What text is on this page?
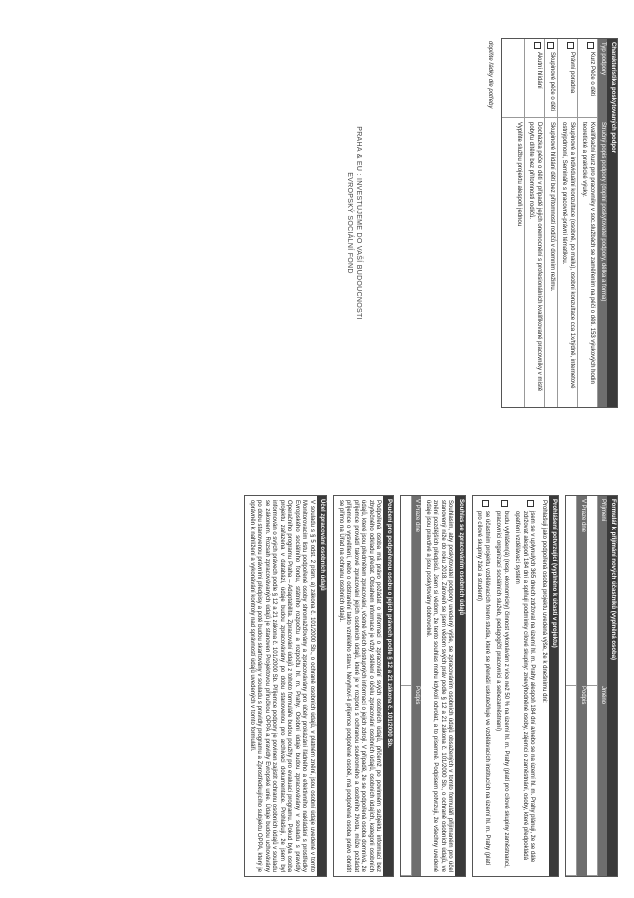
Charakteristika poskytovaných podpor
Typ podpory
Stručný popis podpory (doplní poskytovatel podpory, délka a forma)
Kurz Péče o děti
Kvalifikační kurz pro pracovníky v soc.službách se zaměřením na péči o děti. 153 výukových hodin teoretické a praktické výuky.
Právní poradna
Skupinové a individuální konzultace (osobně, po mailu), osobní konzultace cca 1x/týdně, internetové ostnýpdmoní, Semináře s pracovně-právní tématikou.
Skupinové péče o děti
Skupinové hlídání dětí bez přítomnosti rodičů v domním režimu.
Akutní hlídání
Docházka péče o děti v případě jejich onemocnění s profesionálních kvalifikované pracovníky v místě pobytu dítěte bez přítomnosti rodičů.
Vyplňte službu projektu alespoň jednou
doplňte řádky dle potřeby
PRAHA & EU : INVESTUJEME DO VAŠÍ BUDOUCNOSTI
EVROPSKÝ SOCIÁLNÍ FOND
Formulář k přijímání nových účastníků (vyplněná osoba)
Příjmení
Jméno
V Praze dne
Podpis
Prohlášení potvrzující (vyplněno k účasti v projektu)
Prohlašuji jako podpořená osoba projektu uvedená výše, že k dnešnímu dni:
jsem se v uplynulých 365 dnech zdržoval na území hl. m. Prahy alespoň 184 dní a/nebo se na území hl. m. Prahy plánuji, že se dále zdržovat alespoň 184 dní a splňuji podmínky cílové skupiny: znevýhodněné osoby, zájemci o zaměstnání, osoby, které předpokládá opatření vzdělávací systém
budu vyhlášen(á) (resp. ekonomicky) činnost vykonávám z více než 50 % na území hl. m. Prahy (platí pro cílové skupiny zaměstnanci, pracovníci organizací sociálních služeb, pedagogičtí pracovníci a sebezaměstnaní)
se účastním projektu vzdělávacích forem studia, které se přenáší uskutečňuje ve vzdělávacích institucích na území hl. m. Prahy (platí pro cílové skupiny žáci a studenti)
Souhlas se zpracováním osobních údajů
Souhlasím, aby poskytovatel podpory uvedený výše, se zpracováním osobních údajů obsažených v tomto formuláři přijímaném pro účel stanovený níže do roku 2018. Zároveň se jsem vědom svých práv podle § 12 a 21 zákona č. 101/2000 Sb., o ochraně osobních údajů, ve znění pozdějších předpisů. Jsem si vědom, že tento souhlas mohu kdykoli odvolat, a to písemně. Podpisem potvrzuji, že všechny uvedené údaje jsou pravdivé a jsou poskytovány dobrovolně.
V Praze dne
Podpis
Poučení pro podpořenou osobu o jejích právech podle § 12 a 21 zákona č. 101/2000 Sb.
Podpořená osoba má právo požádat o informaci o zpracování svých osobních údajů, přičemž po povinném subjektu informaci bez zbytečného odkladu předat. Obsahem informace je vždy sdělení o účelu zpracování osobních údajů, osobních údajích, kategorii osobních údajů, které jsou předmětem zpracování, včetně všech dostupných informací o jejich zdroji. V případě, že se podpořená osoba domnívá, že příjemce provádí takové zpracování jejích osobních údajů, které je v rozporu s ochranou soukromého a osobního života, může požádat příjemce o vysvětlení, nebo o odstranění takto vzniklého stavu. Nevyhoví-li příjemce podpořené osobě, má podpořená osoba právo obrátit se přímo na Úřad na ochranu osobních údajů.
Účel zpracování osobních údajů
V souladu s § 5 odst. 2 písm. a) zákona č. 101/2000 Sb., o ochraně osobních údajů, v platném znění, jsou osobní údaje uvedené v tomto Monitorovacím listu podpořené osoby shromažďovány a zpracovávány pro účely prokázání řádného a efektivního nakládání s prostředky Evropského sociálního fondu, státního rozpočtu a rozpočtu hl. m. Prahy. Osobní údaje budou zpracovávány v souladu s pravidly Operačního programu Praha – Adaptabilita. Zpracování údajů z tohoto formuláře budou použity pro evaluaci programu. Pokud byla osoba projektu zařazena v databázi, údaje budou zpracovávány po dobu stanovenou pro archivaci dokumentace. Prohlašuji, že jsem byl informován o svých právech podle § 12 a 21 zákona č. 101/2000 Sb. Příjemce podpory je povinen zajistit ochranu osobních údajů v souladu se zákonem. Rozsah zpracovávaných údajů je stanoven Projektovou příručkou OPPA a pravidly Evropské unie. Údaje budou uchovávány po dobu stanovenou právními předpisy a poté budou skartovány v souladu s pravidly programu a Zprostředkujícího subjektu OPPA, který je oprávněn k nahlížení a vykonávání kontroly nad správností údajů uvedených v tomto formuláři.
